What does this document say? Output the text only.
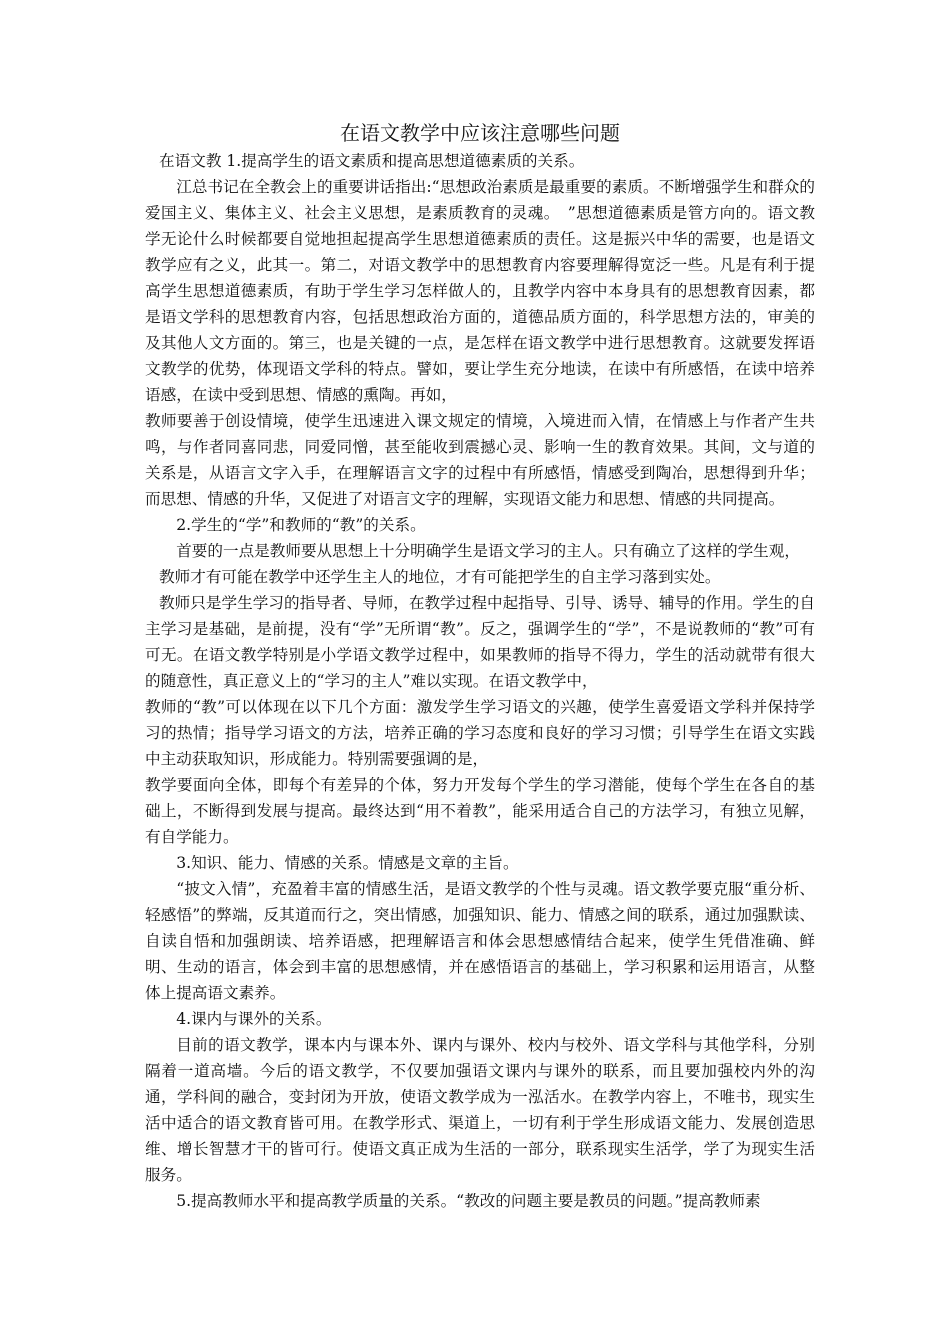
在语文教学中应该注意哪些问题

在语文教 1.提高学生的语文素质和提高思想道德素质的关系。

江总书记在全教会上的重要讲话指出:“思想政治素质是最重要的素质。不断增强学生和群众的爱国主义、集体主义、社会主义思想，是素质教育的灵魂。　”思想道德素质是管方向的。语文教学无论什么时候都要自觉地担起提高学生思想道德素质的责任。这是振兴中华的需要，也是语文教学应有之义，此其一。第二，对语文教学中的思想教育内容要理解得宽泛一些。凡是有利于提高学生思想道德素质，有助于学生学习怎样做人的，且教学内容中本身具有的思想教育因素，都是语文学科的思想教育内容，包括思想政治方面的，道德品质方面的，科学思想方法的，审美的及其他人文方面的。第三，也是关键的一点，是怎样在语文教学中进行思想教育。这就要发挥语文教学的优势，体现语文学科的特点。譬如，要让学生充分地读，在读中有所感悟，在读中培养语感，在读中受到思想、情感的熏陶。再如，

教师要善于创设情境，使学生迅速进入课文规定的情境，入境进而入情，在情感上与作者产生共鸣，与作者同喜同悲，同爱同憎，甚至能收到震撼心灵、影响一生的教育效果。其间，文与道的关系是，从语言文字入手，在理解语言文字的过程中有所感悟，情感受到陶冶，思想得到升华；而思想、情感的升华，又促进了对语言文字的理解，实现语文能力和思想、情感的共同提高。

2.学生的“学”和教师的“教”的关系。

首要的一点是教师要从思想上十分明确学生是语文学习的主人。只有确立了这样的学生观，

教师才有可能在教学中还学生主人的地位，才有可能把学生的自主学习落到实处。

教师只是学生学习的指导者、导师，在教学过程中起指导、引导、诱导、辅导的作用。学生的自主学习是基础，是前提，没有“学”无所谓“教”。反之，强调学生的“学”，不是说教师的“教”可有可无。在语文教学特别是小学语文教学过程中，如果教师的指导不得力，学生的活动就带有很大的随意性，真正意义上的“学习的主人”难以实现。在语文教学中，

教师的“教”可以体现在以下几个方面：激发学生学习语文的兴趣，使学生喜爱语文学科并保持学习的热情；指导学习语文的方法，培养正确的学习态度和良好的学习习惯；引导学生在语文实践中主动获取知识，形成能力。特别需要强调的是，

教学要面向全体，即每个有差异的个体，努力开发每个学生的学习潜能，使每个学生在各自的基础上，不断得到发展与提高。最终达到“用不着教”，能采用适合自己的方法学习，有独立见解，有自学能力。

3.知识、能力、情感的关系。情感是文章的主旨。

“披文入情”，充盈着丰富的情感生活，是语文教学的个性与灵魂。语文教学要克服“重分析、轻感悟”的弊端，反其道而行之，突出情感，加强知识、能力、情感之间的联系，通过加强默读、自读自悟和加强朗读、培养语感，把理解语言和体会思想感情结合起来，使学生凭借准确、鲜明、生动的语言，体会到丰富的思想感情，并在感悟语言的基础上，学习积累和运用语言，从整体上提高语文素养。

4.课内与课外的关系。

目前的语文教学，课本内与课本外、课内与课外、校内与校外、语文学科与其他学科，分别隔着一道高墙。今后的语文教学，不仅要加强语文课内与课外的联系，而且要加强校内外的沟通，学科间的融合，变封闭为开放，使语文教学成为一泓活水。在教学内容上，不唯书，现实生活中适合的语文教育皆可用。在教学形式、渠道上，一切有利于学生形成语文能力、发展创造思维、增长智慧才干的皆可行。使语文真正成为生活的一部分，联系现实生活学，学了为现实生活服务。

5.提高教师水平和提高教学质量的关系。“教改的问题主要是教员的问题。”提高教师素
